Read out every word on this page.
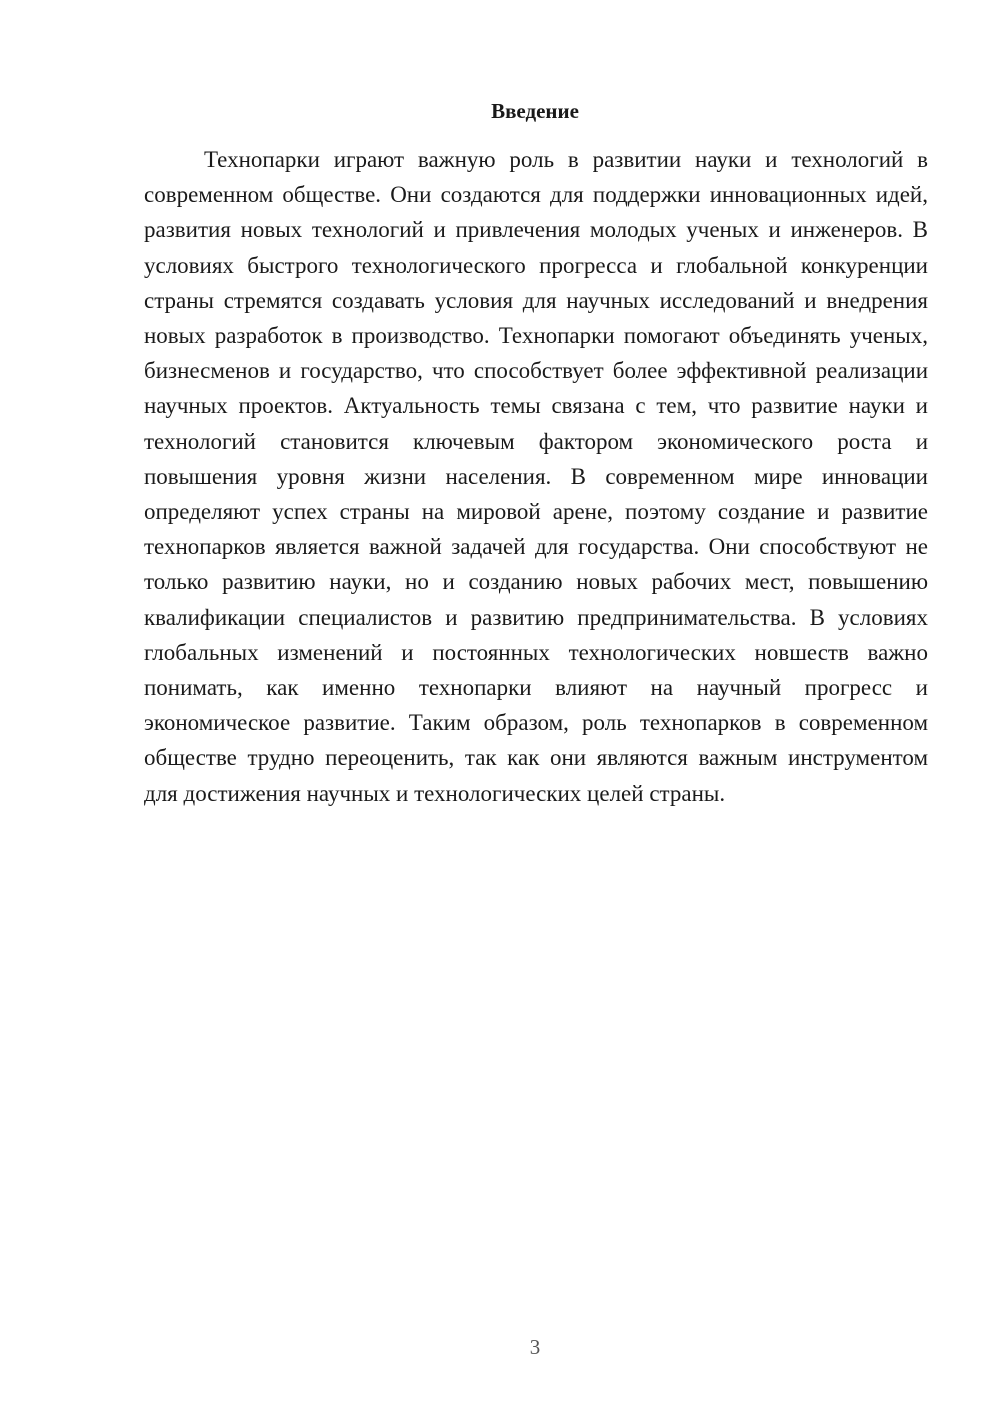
Введение

Технопарки играют важную роль в развитии науки и технологий в современном обществе. Они создаются для поддержки инновационных идей, развития новых технологий и привлечения молодых ученых и инженеров. В условиях быстрого технологического прогресса и глобальной конкуренции страны стремятся создавать условия для научных исследований и внедрения новых разработок в производство. Технопарки помогают объединять ученых, бизнесменов и государство, что способствует более эффективной реализации научных проектов. Актуальность темы связана с тем, что развитие науки и технологий становится ключевым фактором экономического роста и повышения уровня жизни населения. В современном мире инновации определяют успех страны на мировой арене, поэтому создание и развитие технопарков является важной задачей для государства. Они способствуют не только развитию науки, но и созданию новых рабочих мест, повышению квалификации специалистов и развитию предпринимательства. В условиях глобальных изменений и постоянных технологических новшеств важно понимать, как именно технопарки влияют на научный прогресс и экономическое развитие. Таким образом, роль технопарков в современном обществе трудно переоценить, так как они являются важным инструментом для достижения научных и технологических целей страны.

3
